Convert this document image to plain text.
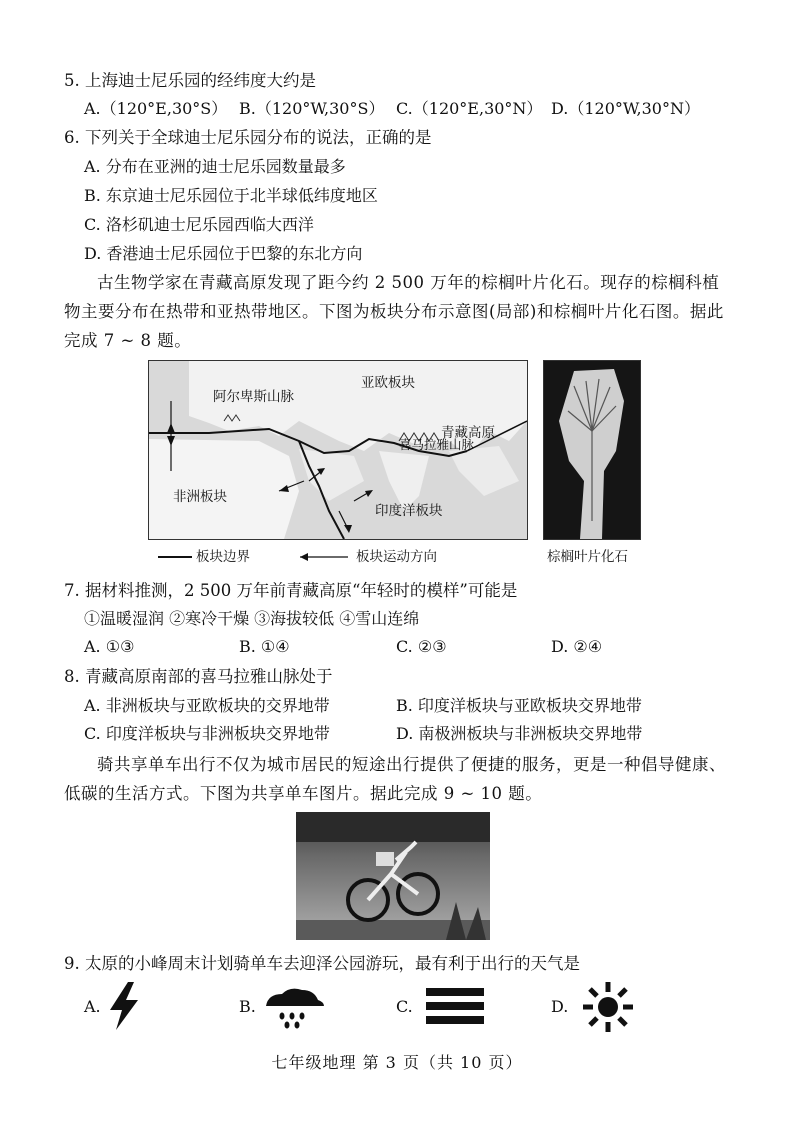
5. 上海迪士尼乐园的经纬度大约是
A.（120°E,30°S） B.（120°W,30°S） C.（120°E,30°N） D.（120°W,30°N）
6. 下列关于全球迪士尼乐园分布的说法，正确的是
A. 分布在亚洲的迪士尼乐园数量最多
B. 东京迪士尼乐园位于北半球低纬度地区
C. 洛杉矶迪士尼乐园西临大西洋
D. 香港迪士尼乐园位于巴黎的东北方向
古生物学家在青藏高原发现了距今约 2 500 万年的棕榈叶片化石。现存的棕榈科植物主要分布在热带和亚热带地区。下图为板块分布示意图(局部)和棕榈叶片化石图。据此完成 7 ~ 8 题。
亚欧板块
阿尔卑斯山脉
青藏高原
喜马拉雅山脉
非洲板块
印度洋板块
板块边界	板块运动方向	棕榈叶片化石
7. 据材料推测，2 500 万年前青藏高原“年轻时的模样”可能是
①温暖湿润 ②寒冷干燥 ③海拔较低 ④雪山连绵
A. ①③	B. ①④	C. ②③	D. ②④
8. 青藏高原南部的喜马拉雅山脉处于
A. 非洲板块与亚欧板块的交界地带	B. 印度洋板块与亚欧板块交界地带
C. 印度洋板块与非洲板块交界地带	D. 南极洲板块与非洲板块交界地带
骑共享单车出行不仅为城市居民的短途出行提供了便捷的服务，更是一种倡导健康、低碳的生活方式。下图为共享单车图片。据此完成 9 ~ 10 题。
9. 太原的小峰周末计划骑单车去迎泽公园游玩，最有利于出行的天气是
A.	B.	C.	D.
七年级地理 第 3 页（共 10 页）
